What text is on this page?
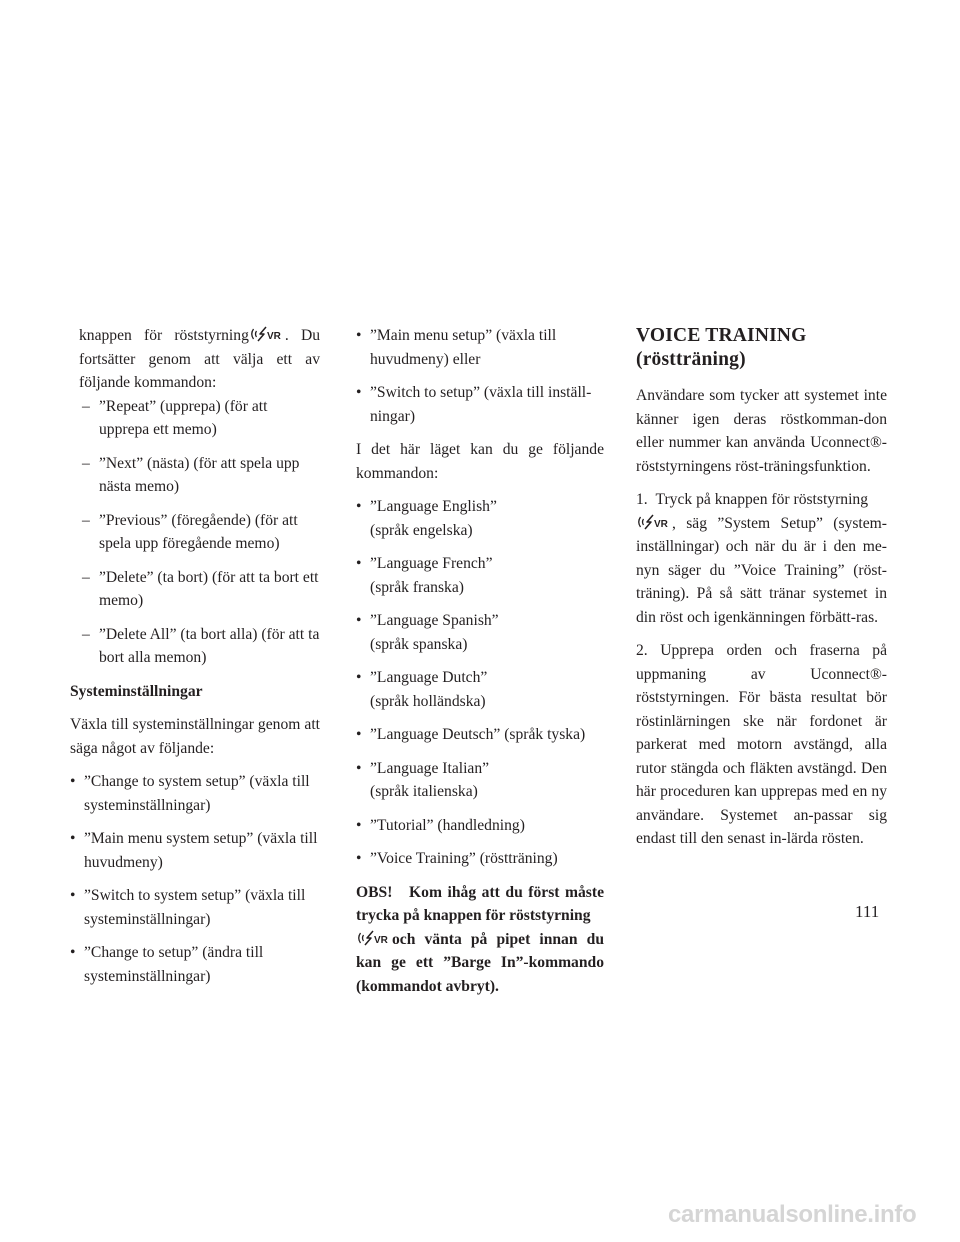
knappen för röststyrning . Du fortsätter genom att välja ett av följande kommandon:

– ”Repeat” (upprepa) (för att upprepa ett memo)
– ”Next” (nästa) (för att spela upp nästa memo)
– ”Previous” (föregående) (för att spela upp föregående memo)
– ”Delete” (ta bort) (för att ta bort ett memo)
– ”Delete All” (ta bort alla) (för att ta bort alla memon)

Systeminställningar

Växla till systeminställningar genom att säga något av följande:

• ”Change to system setup” (växla till systeminställningar)
• ”Main menu system setup” (växla till huvudmeny)
• ”Switch to system setup” (växla till systeminställningar)
• ”Change to setup” (ändra till systeminställningar)
• ”Main menu setup” (växla till huvudmeny) eller
• ”Switch to setup” (växla till inställ-ningar)

I det här läget kan du ge följande kommandon:

• ”Language English”
(språk engelska)
• ”Language French”
(språk franska)
• ”Language Spanish”
(språk spanska)
• ”Language Dutch”
(språk holländska)
• ”Language Deutsch” (språk tyska)
• ”Language Italian”
(språk italienska)
• ”Tutorial” (handledning)
• ”Voice Training” (röstträning)

OBS!   Kom ihåg att du först måste trycka på knappen för röststyrning
och vänta på pipet innan du kan ge ett ”Barge In”-kommando (kommandot avbryt).

VOICE TRAINING
(röstträning)

Användare som tycker att systemet inte känner igen deras röstkomman-don eller nummer kan använda Uconnect®-röststyrningens röst-träningsfunktion.

1.  Tryck på knappen för röststyrning
, säg ”System Setup” (system-inställningar) och när du är i den me-nyn säger du ”Voice Training” (röst-träning). På så sätt tränar systemet in din röst och igenkänningen förbätt-ras.

2. Upprepa orden och fraserna på uppmaning av Uconnect®-röststyrningen. För bästa resultat bör röstinlärningen ske när fordonet är parkerat med motorn avstängd, alla rutor stängda och fläkten avstängd. Den här proceduren kan upprepas med en ny användare. Systemet an-passar sig endast till den senast in-lärda rösten.

111
carmanualsonline.info
